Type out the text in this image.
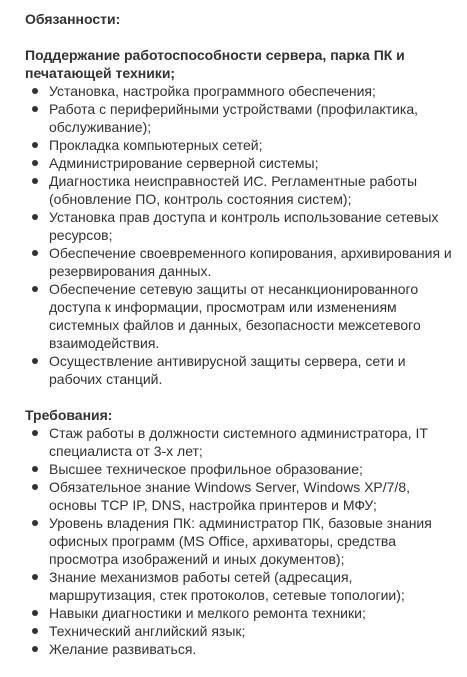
Обязанности:

Поддержание работоспособности сервера, парка ПК и печатающей техники;

Установка, настройка программного обеспечения;
Работа с периферийными устройствами (профилактика, обслуживание);
Прокладка компьютерных сетей;
Администрирование серверной системы;
Диагностика неисправностей ИС. Регламентные работы (обновление ПО, контроль состояния систем);
Установка прав доступа и контроль использование сетевых ресурсов;
Обеспечение своевременного копирования, архивирования и резервирования данных.
Обеспечение сетевую защиты от несанкционированного доступа к информации, просмотрам или изменениям системных файлов и данных, безопасности межсетевого взаимодействия.
Осуществление антивирусной защиты сервера, сети и рабочих станций.

Требования:

Стаж работы в должности системного администратора, IT специалиста от 3-х лет;
Высшее техническое профильное образование;
Обязательное знание Windows Server, Windows XP/7/8, основы TCP IP, DNS, настройка принтеров и МФУ;
Уровень владения ПК: администратор ПК, базовые знания офисных программ (MS Office, архиваторы, средства просмотра изображений и иных документов);
Знание механизмов работы сетей (адресация, маршрутизация, стек протоколов, сетевые топологии);
Навыки диагностики и мелкого ремонта техники;
Технический английский язык;
Желание развиваться.
